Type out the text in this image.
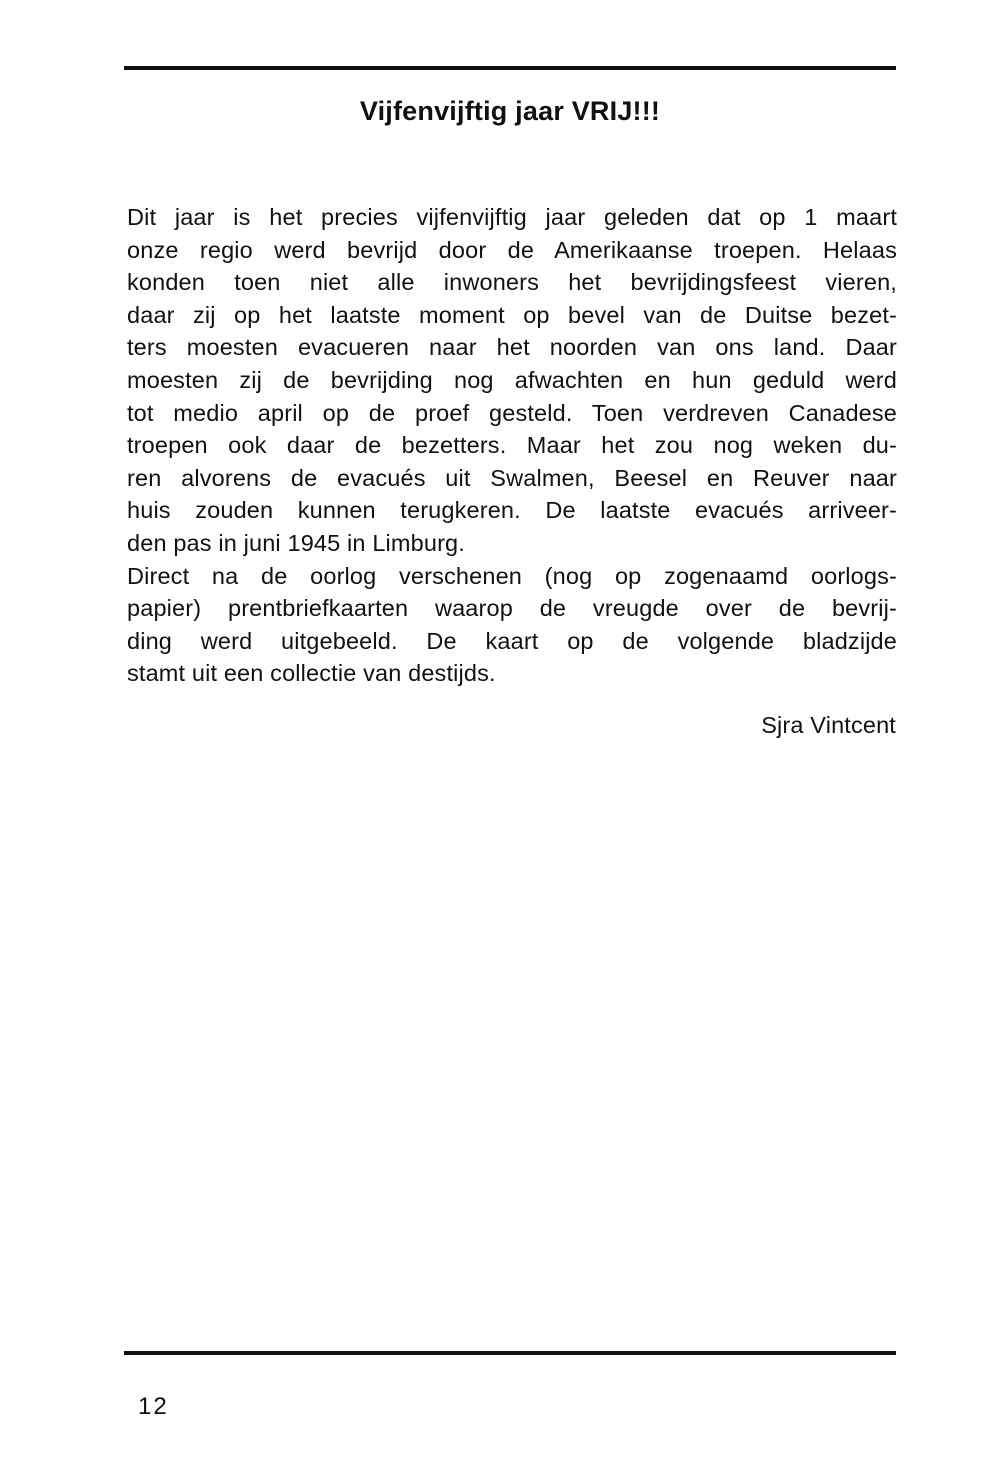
Vijfenvijftig jaar VRIJ!!!
Dit jaar is het precies vijfenvijftig jaar geleden dat op 1 maart
onze regio werd bevrijd door de Amerikaanse troepen. Helaas
konden toen niet alle inwoners het bevrijdingsfeest vieren,
daar zij op het laatste moment op bevel van de Duitse bezet-
ters moesten evacueren naar het noorden van ons land. Daar
moesten zij de bevrijding nog afwachten en hun geduld werd
tot medio april op de proef gesteld. Toen verdreven Canadese
troepen ook daar de bezetters. Maar het zou nog weken du-
ren alvorens de evacués uit Swalmen, Beesel en Reuver naar
huis zouden kunnen terugkeren. De laatste evacués arriveer-
den pas in juni 1945 in Limburg.
Direct na de oorlog verschenen (nog op zogenaamd oorlogs-
papier) prentbriefkaarten waarop de vreugde over de bevrij-
ding werd uitgebeeld. De kaart op de volgende bladzijde
stamt uit een collectie van destijds.
Sjra Vintcent
12
